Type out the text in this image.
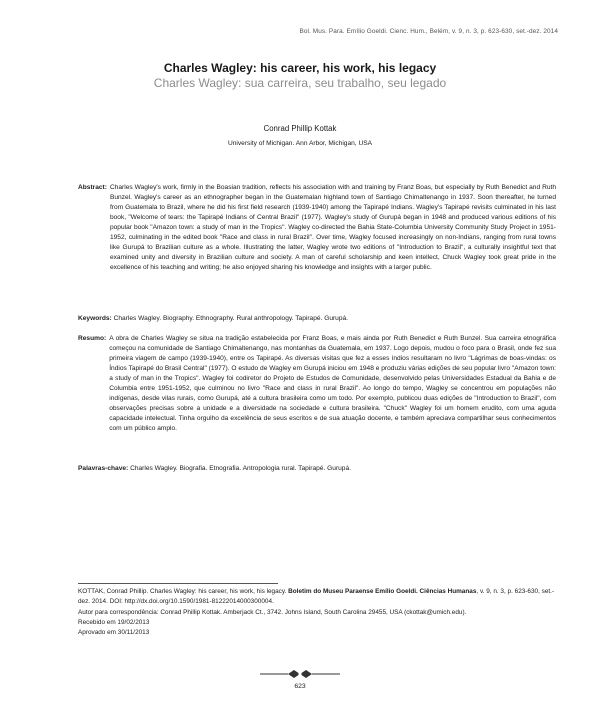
Bol. Mus. Para. Emílio Goeldi. Cienc. Hum., Belém, v. 9, n. 3, p. 623-630, set.-dez. 2014
Charles Wagley: his career, his work, his legacy
Charles Wagley: sua carreira, seu trabalho, seu legado
Conrad Phillip Kottak
University of Michigan. Ann Arbor, Michigan, USA
Abstract: Charles Wagley's work, firmly in the Boasian tradition, reflects his association with and training by Franz Boas, but especially by Ruth Benedict and Ruth Bunzel. Wagley's career as an ethnographer began in the Guatemalan highland town of Santiago Chimaltenango in 1937. Soon thereafter, he turned from Guatemala to Brazil, where he did his first field research (1939-1940) among the Tapirapé Indians. Wagley's Tapirapé revisits culminated in his last book, "Welcome of tears: the Tapirapé Indians of Central Brazil" (1977). Wagley's study of Gurupá began in 1948 and produced various editions of his popular book "Amazon town: a study of man in the Tropics". Wagley co-directed the Bahia State-Columbia University Community Study Project in 1951-1952, culminating in the edited book "Race and class in rural Brazil". Over time, Wagley focused increasingly on non-Indians, ranging from rural towns like Gurupá to Brazilian culture as a whole. Illustrating the latter, Wagley wrote two editions of "Introduction to Brazil", a culturally insightful text that examined unity and diversity in Brazilian culture and society. A man of careful scholarship and keen intellect, Chuck Wagley took great pride in the excellence of his teaching and writing; he also enjoyed sharing his knowledge and insights with a larger public.
Keywords: Charles Wagley. Biography. Ethnography. Rural anthropology. Tapirapé. Gurupá.
Resumo: A obra de Charles Wagley se situa na tradição estabelecida por Franz Boas, e mais ainda por Ruth Benedict e Ruth Bunzel. Sua carreira etnográfica começou na comunidade de Santiago Chimaltenango, nas montanhas da Guatemala, em 1937. Logo depois, mudou o foco para o Brasil, onde fez sua primeira viagem de campo (1939-1940), entre os Tapirapé. As diversas visitas que fez a esses índios resultaram no livro "Lágrimas de boas-vindas: os Índios Tapirapé do Brasil Central" (1977). O estudo de Wagley em Gurupá iniciou em 1948 e produziu várias edições de seu popular livro "Amazon town: a study of man in the Tropics". Wagley foi codiretor do Projeto de Estudos de Comunidade, desenvolvido pelas Universidades Estadual da Bahia e de Columbia entre 1951-1952, que culminou no livro "Race and class in rural Brazil". Ao longo do tempo, Wagley se concentrou em populações não indígenas, desde vilas rurais, como Gurupá, até a cultura brasileira como um todo. Por exemplo, publicou duas edições de "Introduction to Brazil", com observações precisas sobre a unidade e a diversidade na sociedade e cultura brasileira. "Chuck" Wagley foi um homem erudito, com uma aguda capacidade intelectual. Tinha orgulho da excelência de seus escritos e de sua atuação docente, e também apreciava compartilhar seus conhecimentos com um público amplo.
Palavras-chave: Charles Wagley. Biografia. Etnografia. Antropologia rural. Tapirapé. Gurupá.
KOTTAK, Conrad Phillip. Charles Wagley: his career, his work, his legacy. Boletim do Museu Paraense Emílio Goeldi. Ciências Humanas, v. 9, n. 3, p. 623-630, set.-dez. 2014. DOI: http://dx.doi.org/10.1590/1981-81222014000300004.
Autor para correspondência: Conrad Phillip Kottak. Amberjack Ct., 3742. Johns Island, South Carolina 29455, USA (ckottak@umich.edu).
Recebido em 19/02/2013
Aprovado em 30/11/2013
623
